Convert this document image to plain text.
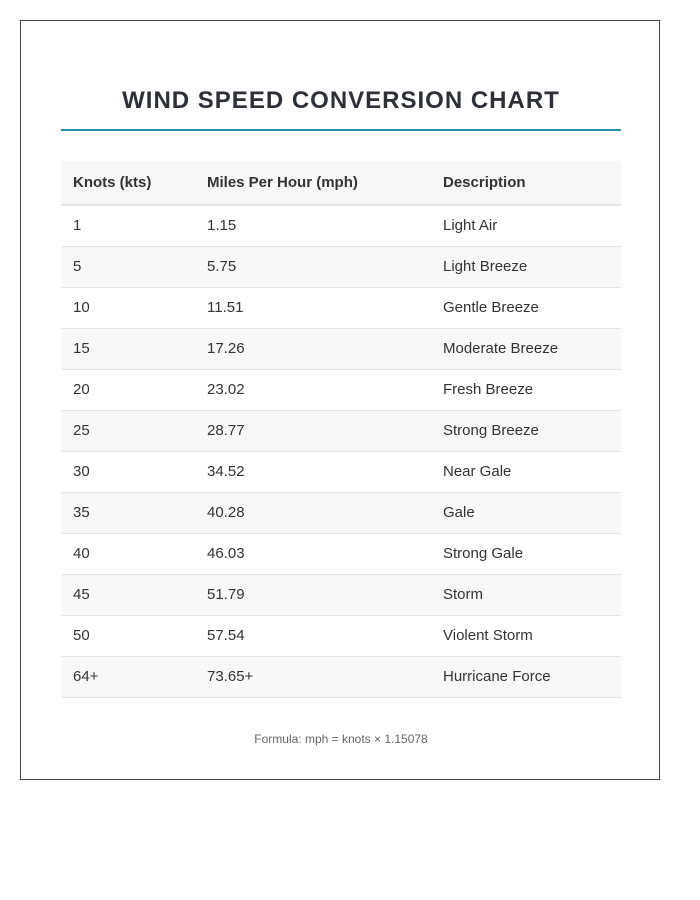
WIND SPEED CONVERSION CHART
Knots (kts)	Miles Per Hour (mph)	Description
1	1.15	Light Air
5	5.75	Light Breeze
10	11.51	Gentle Breeze
15	17.26	Moderate Breeze
20	23.02	Fresh Breeze
25	28.77	Strong Breeze
30	34.52	Near Gale
35	40.28	Gale
40	46.03	Strong Gale
45	51.79	Storm
50	57.54	Violent Storm
64+	73.65+	Hurricane Force
Formula: mph = knots × 1.15078
